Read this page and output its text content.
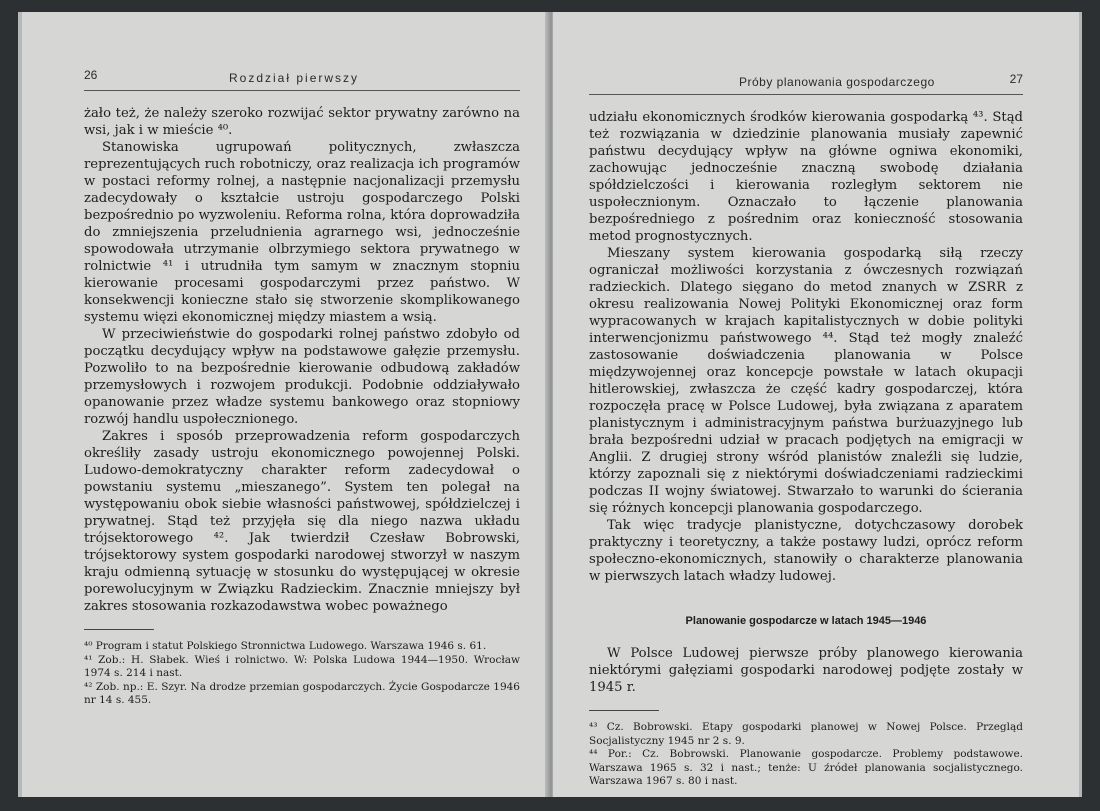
26	Rozdział pierwszy

żało też, że należy szeroko rozwijać sektor prywatny zarówno na wsi, jak i w mieście ⁴⁰.

Stanowiska ugrupowań politycznych, zwłaszcza reprezentujących ruch robotniczy, oraz realizacja ich programów w postaci reformy rolnej, a następnie nacjonalizacji przemysłu zadecydowały o kształcie ustroju gospodarczego Polski bezpośrednio po wyzwoleniu. Reforma rolna, która doprowadziła do zmniejszenia przeludnienia agrarnego wsi, jednocześnie spowodowała utrzymanie olbrzymiego sektora prywatnego w rolnictwie ⁴¹ i utrudniła tym samym w znacznym stopniu kierowanie procesami gospodarczymi przez państwo. W konsekwencji konieczne stało się stworzenie skomplikowanego systemu więzi ekonomicznej między miastem a wsią.

W przeciwieństwie do gospodarki rolnej państwo zdobyło od początku decydujący wpływ na podstawowe gałęzie przemysłu. Pozwoliło to na bezpośrednie kierowanie odbudową zakładów przemysłowych i rozwojem produkcji. Podobnie oddziaływało opanowanie przez władze systemu bankowego oraz stopniowy rozwój handlu uspołecznionego.

Zakres i sposób przeprowadzenia reform gospodarczych określiły zasady ustroju ekonomicznego powojennej Polski. Ludowo-demokratyczny charakter reform zadecydował o powstaniu systemu „mieszanego”. System ten polegał na występowaniu obok siebie własności państwowej, spółdzielczej i prywatnej. Stąd też przyjęła się dla niego nazwa układu trójsektorowego ⁴². Jak twierdził Czesław Bobrowski, trójsektorowy system gospodarki narodowej stworzył w naszym kraju odmienną sytuację w stosunku do występującej w okresie porewolucyjnym w Związku Radzieckim. Znacznie mniejszy był zakres stosowania rozkazodawstwa wobec poważnego

⁴⁰ Program i statut Polskiego Stronnictwa Ludowego. Warszawa 1946 s. 61.

⁴¹ Zob.: H. Słabek. Wieś i rolnictwo. W: Polska Ludowa 1944—1950. Wrocław 1974 s. 214 i nast.

⁴² Zob. np.: E. Szyr. Na drodze przemian gospodarczych. Życie Gospodarcze 1946 nr 14 s. 455.

Próby planowania gospodarczego	27

udziału ekonomicznych środków kierowania gospodarką ⁴³. Stąd też rozwiązania w dziedzinie planowania musiały zapewnić państwu decydujący wpływ na główne ogniwa ekonomiki, zachowując jednocześnie znaczną swobodę działania spółdzielczości i kierowania rozległym sektorem nie uspołecznionym. Oznaczało to łączenie planowania bezpośredniego z pośrednim oraz konieczność stosowania metod prognostycznych.

Mieszany system kierowania gospodarką siłą rzeczy ograniczał możliwości korzystania z ówczesnych rozwiązań radzieckich. Dlatego sięgano do metod znanych w ZSRR z okresu realizowania Nowej Polityki Ekonomicznej oraz form wypracowanych w krajach kapitalistycznych w dobie polityki interwencjonizmu państwowego ⁴⁴. Stąd też mogły znaleźć zastosowanie doświadczenia planowania w Polsce międzywojennej oraz koncepcje powstałe w latach okupacji hitlerowskiej, zwłaszcza że część kadry gospodarczej, która rozpoczęła pracę w Polsce Ludowej, była związana z aparatem planistycznym i administracyjnym państwa burżuazyjnego lub brała bezpośredni udział w pracach podjętych na emigracji w Anglii. Z drugiej strony wśród planistów znaleźli się ludzie, którzy zapoznali się z niektórymi doświadczeniami radzieckimi podczas II wojny światowej. Stwarzało to warunki do ścierania się różnych koncepcji planowania gospodarczego.

Tak więc tradycje planistyczne, dotychczasowy dorobek praktyczny i teoretyczny, a także postawy ludzi, oprócz reform społeczno-ekonomicznych, stanowiły o charakterze planowania w pierwszych latach władzy ludowej.

Planowanie gospodarcze w latach 1945—1946

W Polsce Ludowej pierwsze próby planowego kierowania niektórymi gałęziami gospodarki narodowej podjęte zostały w 1945 r.

⁴³ Cz. Bobrowski. Etapy gospodarki planowej w Nowej Polsce. Przegląd Socjalistyczny 1945 nr 2 s. 9.

⁴⁴ Por.: Cz. Bobrowski. Planowanie gospodarcze. Problemy podstawowe. Warszawa 1965 s. 32 i nast.; tenże: U źródeł planowania socjalistycznego. Warszawa 1967 s. 80 i nast.
